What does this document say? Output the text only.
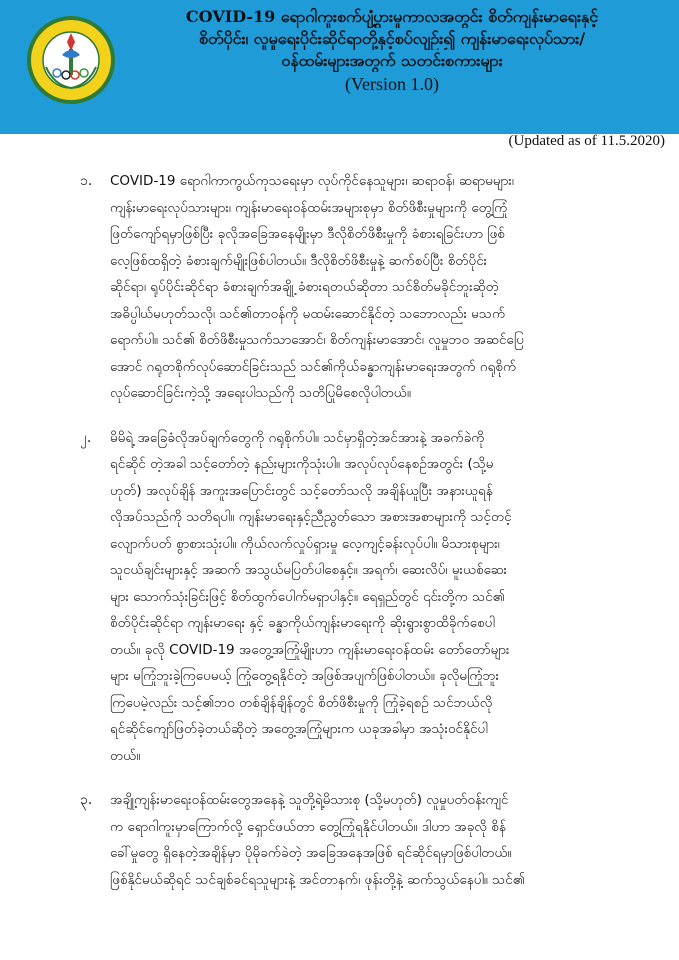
COVID-19 ရောဂါကူးစက်ပျံ့ပွားမှုကာလအတွင်း စိတ်ကျန်းမာရေးနှင့်
စိတ်ပိုင်း၊ လူမှုရေးပိုင်းဆိုင်ရာတို့နှင့်စပ်လျဉ်း၍ ကျန်းမာရေးလုပ်သား/
ဝန်ထမ်းများအတွက် သတင်းစကားများ
(Version 1.0)
(Updated as of 11.5.2020)
၁. COVID-19 ရောဂါကာကွယ်ကုသရေးမှာ လုပ်ကိုင်နေသူများ၊ ဆရာဝန်၊ ဆရာမများ၊
ကျန်းမာရေးလုပ်သားများ၊ ကျန်းမာရေးဝန်ထမ်းအများစုမှာ စိတ်ဖိစီးမှုများကို တွေ့ကြုံ
ဖြတ်ကျော်ရမှာဖြစ်ပြီး ခုလိုအခြေအနေမျိုးမှာ ဒီလိုစိတ်ဖိစီးမှုကို ခံစားရခြင်းဟာ ဖြစ်
လေ့ဖြစ်ထရှိတဲ့ ခံစားချက်မျိုးဖြစ်ပါတယ်။ ဒီလိုစိတ်ဖိစီးမှုနဲ့ ဆက်စပ်ပြီး စိတ်ပိုင်း
ဆိုင်ရာ၊ ရုပ်ပိုင်းဆိုင်ရာ ခံစားချက်အချို့ ခံစားရတယ်ဆိုတာ သင်စိတ်မခိုင်ဘူးဆိုတဲ့
အဓိပ္ပါယ်မဟုတ်သလို၊ သင်၏တာဝန်ကို မထမ်းဆောင်နိုင်တဲ့ သဘောလည်း မသက်
ရောက်ပါ။ သင်၏ စိတ်ဖိစီးမှုသက်သာအောင်၊ စိတ်ကျန်းမာအောင်၊ လူမှုဘဝ အဆင်ပြေ
အောင် ဂရုတစိုက်လုပ်ဆောင်ခြင်းသည် သင်၏ကိုယ်ခန္ဓာကျန်းမာရေးအတွက် ဂရုစိုက်
လုပ်ဆောင်ခြင်းကဲ့သို့ အရေးပါသည်ကို သတိပြုမိစေလိုပါတယ်။
၂. မိမိရဲ့ အခြေခံလိုအပ်ချက်တွေကို ဂရုစိုက်ပါ။ သင်မှာရှိတဲ့အင်အားနဲ့ အခက်ခဲကို
ရင်ဆိုင် တဲ့အခါ သင့်တော်တဲ့ နည်းများကိုသုံးပါ။ အလုပ်လုပ်နေစဉ်အတွင်း (သို့မ
ဟုတ်) အလုပ်ချိန် အကူးအပြောင်းတွင် သင့်တော်သလို အချိန်ယူပြီး အနားယူရန်
လိုအပ်သည်ကို သတိရပါ။ ကျန်းမာရေးနှင့်ညီညွတ်သော အစားအစာများကို သင့်တင့်
လျောက်ပတ် စွာစားသုံးပါ။ ကိုယ်လက်လှုပ်ရှားမှု လေ့ကျင့်ခန်းလုပ်ပါ။ မိသားစုများ၊
သူငယ်ချင်းများနှင့် အဆက် အသွယ်မပြတ်ပါစေနှင့်။ အရက်၊ ဆေးလိပ်၊ မူးယစ်ဆေး
များ သောက်သုံးခြင်းဖြင့် စိတ်ထွက်ပေါက်မရှာပါနှင့်။ ရေရှည်တွင် ၎င်းတို့က သင်၏
စိတ်ပိုင်းဆိုင်ရာ ကျန်းမာရေး နှင့် ခန္ဓာကိုယ်ကျန်းမာရေးကို ဆိုးရွားစွာထိခိုက်စေပါ
တယ်။ ခုလို COVID-19 အတွေ့အကြုံမျိုးဟာ ကျန်းမာရေးဝန်ထမ်း တော်တော်များ
များ မကြုံဘူးခဲ့ကြပေမယ့် ကြုံတွေ့ရနိုင်တဲ့ အဖြစ်အပျက်ဖြစ်ပါတယ်။ ခုလိုမကြုံဘူး
ကြပေမဲ့လည်း သင့်၏ဘဝ တစ်ချိန်ချိန်တွင် စိတ်ဖိစီးမှုကို ကြုံခဲ့ရစဉ် သင်ဘယ်လို
ရင်ဆိုင်ကျော်ဖြတ်ခဲ့တယ်ဆိုတဲ့ အတွေ့အကြုံများက ယခုအခါမှာ အသုံးဝင်နိုင်ပါ
တယ်။
၃. အချို့ကျန်းမာရေးဝန်ထမ်းတွေအနေနဲ့ သူတို့ရဲ့မိသားစု (သို့မဟုတ်) လူမှုပတ်ဝန်းကျင်
က ရောဂါကူးမှာကြောက်လို့ ရှောင်ဖယ်တာ တွေ့ကြုံရနိုင်ပါတယ်။ ဒါဟာ အခုလို စိန်
ခေါ်မှုတွေ ရှိနေတဲ့အချိန်မှာ ပိုမိုခက်ခဲတဲ့ အခြေအနေအဖြစ် ရင်ဆိုင်ရမှာဖြစ်ပါတယ်။
ဖြစ်နိုင်မယ်ဆိုရင် သင်ချစ်ခင်ရသူများနဲ့ အင်တာနက်၊ ဖုန်းတို့နဲ့ ဆက်သွယ်နေပါ။ သင်၏
